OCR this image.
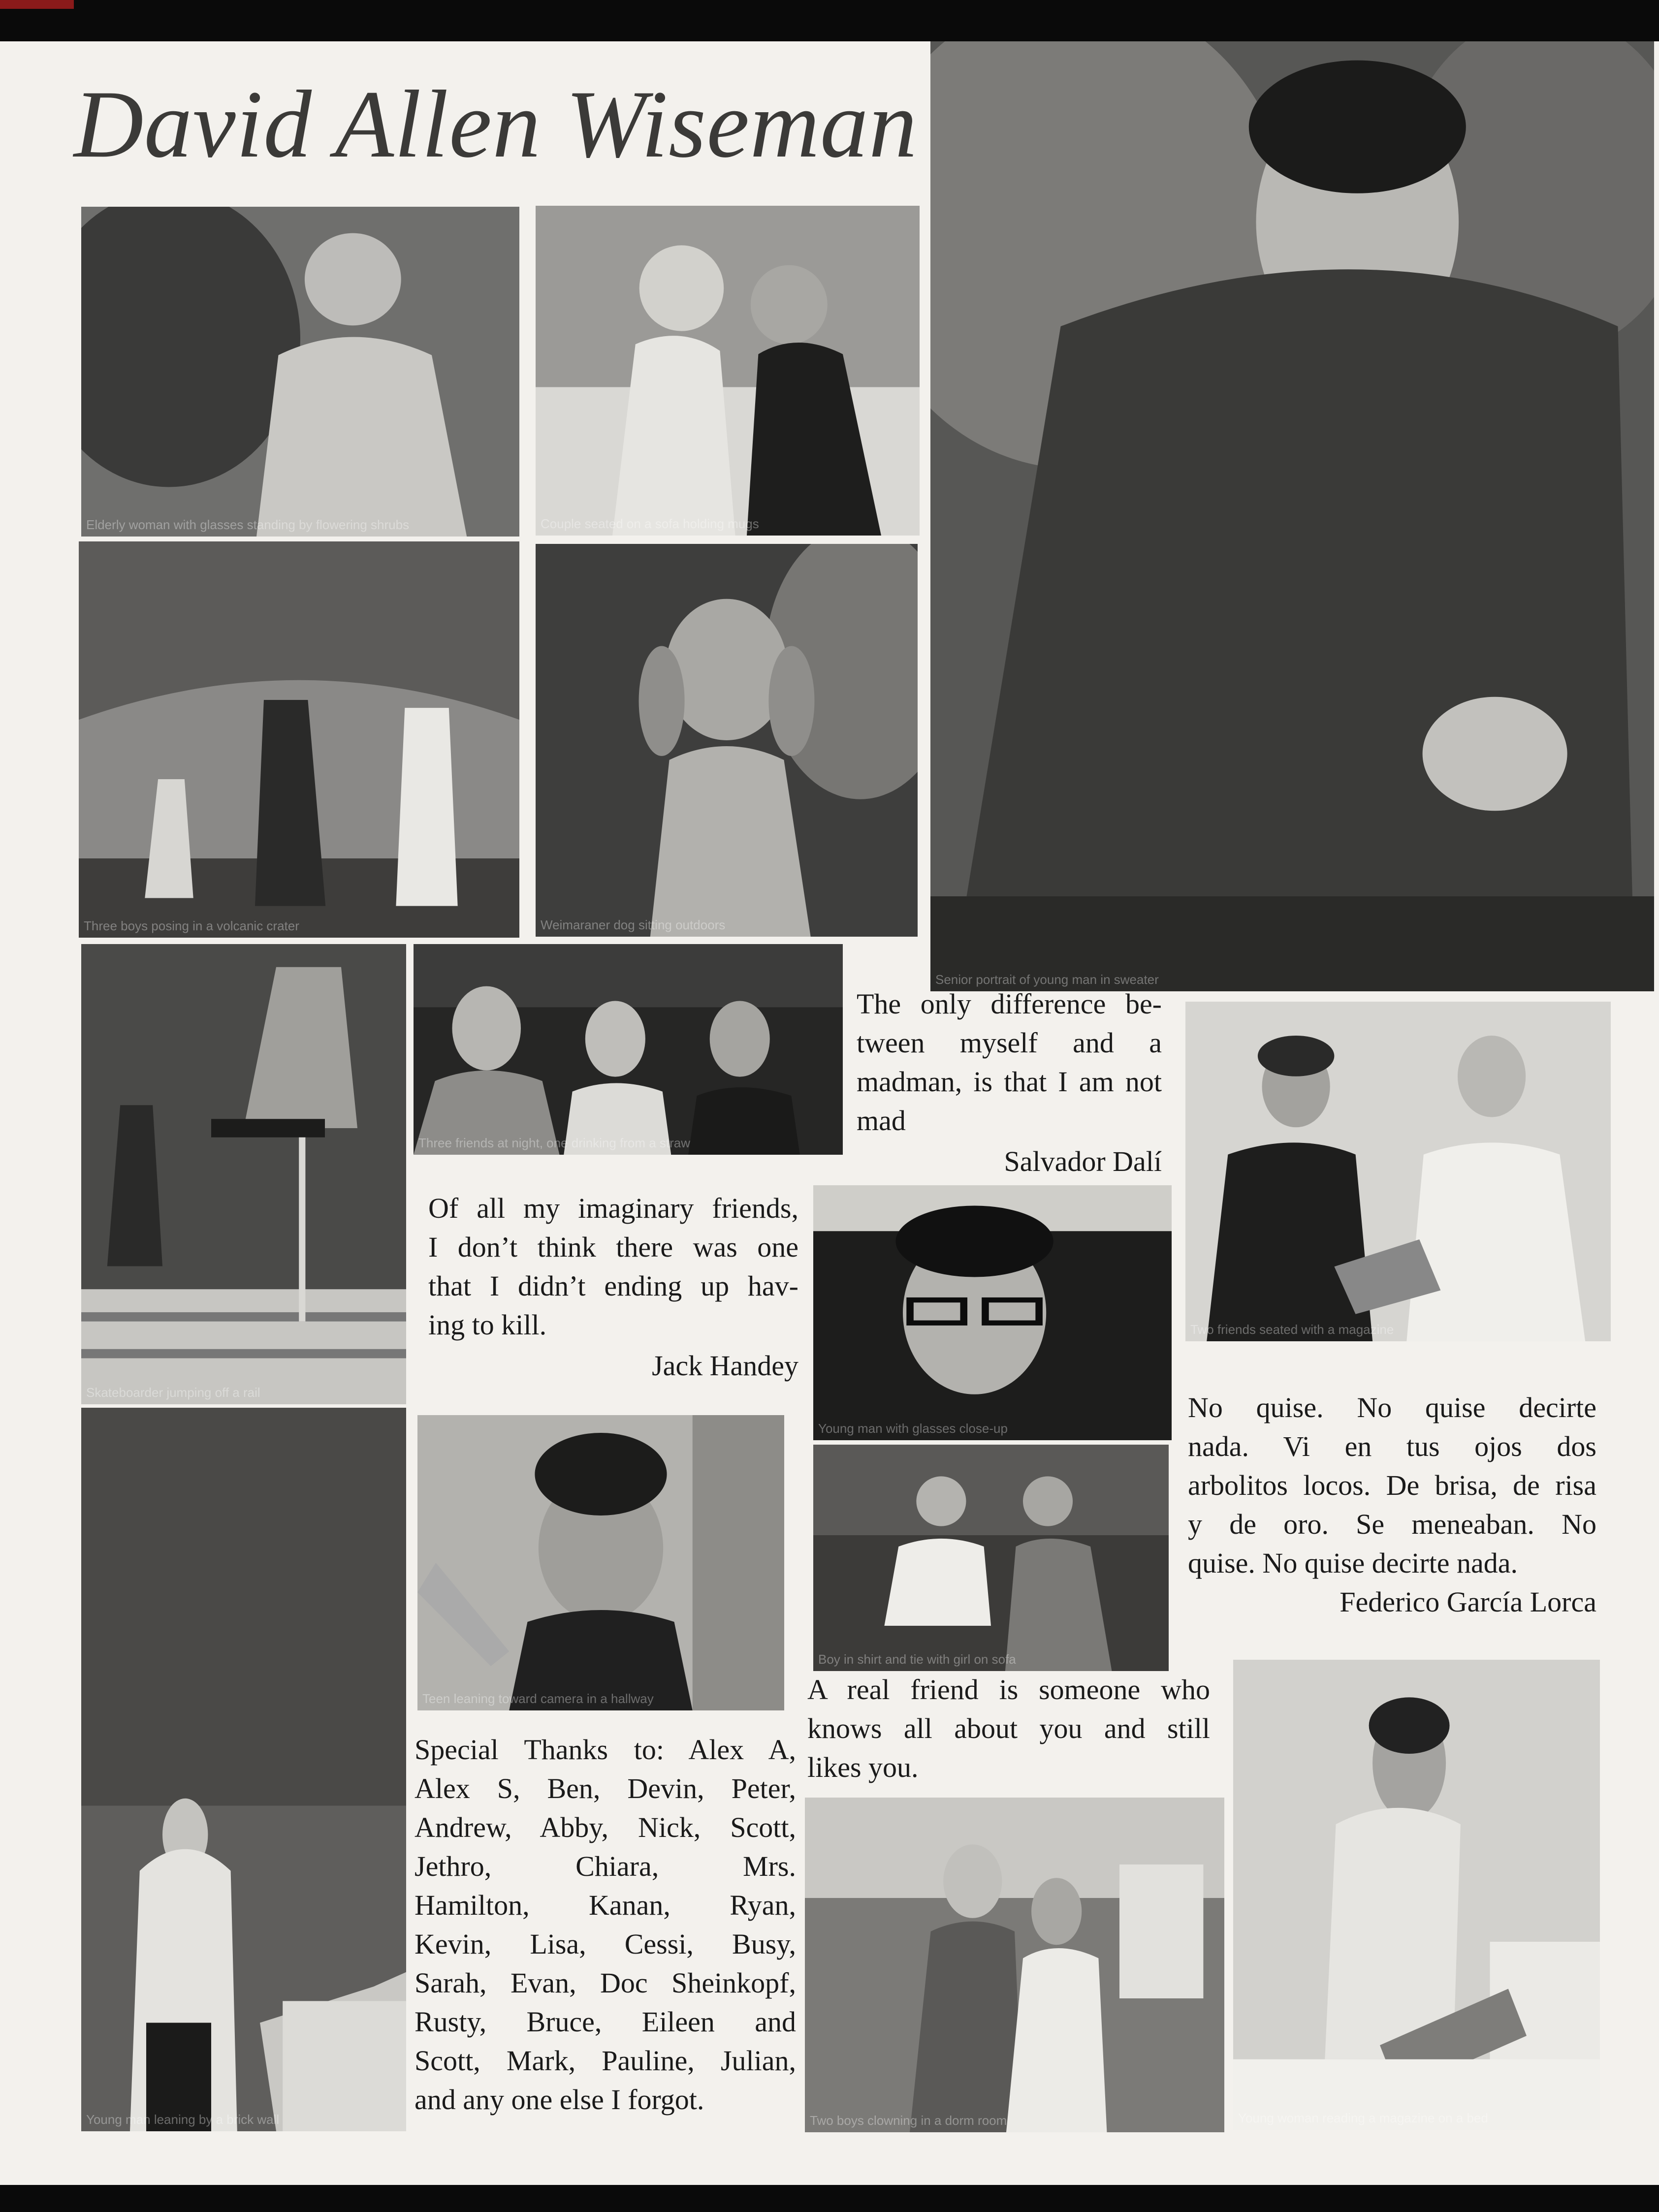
David Allen Wiseman
Elderly woman with glasses standing by flowering shrubs	Couple seated on a sofa holding mugs
Three boys posing in a volcanic crater	Weimaraner dog sitting outdoors
Senior portrait of young man in sweater
Skateboarder jumping off a rail
Three friends at night, one drinking from a straw
Two friends seated with a magazine
Young man with glasses close-up
Young man leaning by a brick wall
Teen leaning toward camera in a hallway
Boy in shirt and tie with girl on sofa
Two boys clowning in a dorm room	Young woman reading a magazine on a bed
The only difference be-
tween myself and a
madman, is that I am not
mad
Salvador Dalí
Of all my imaginary friends,
I don’t think there was one
that I didn’t ending up hav-
ing to kill.
Jack Handey
No quise. No quise decirte
nada. Vi en tus ojos dos
arbolitos locos. De brisa, de risa
y de oro. Se meneaban. No
quise. No quise decirte nada.
Federico García Lorca
A real friend is someone who
knows all about you and still
likes you.
Special Thanks to: Alex A,
Alex S, Ben, Devin, Peter,
Andrew, Abby, Nick, Scott,
Jethro, Chiara, Mrs.
Hamilton, Kanan, Ryan,
Kevin, Lisa, Cessi, Busy,
Sarah, Evan, Doc Sheinkopf,
Rusty, Bruce, Eileen and
Scott, Mark, Pauline, Julian,
and any one else I forgot.
